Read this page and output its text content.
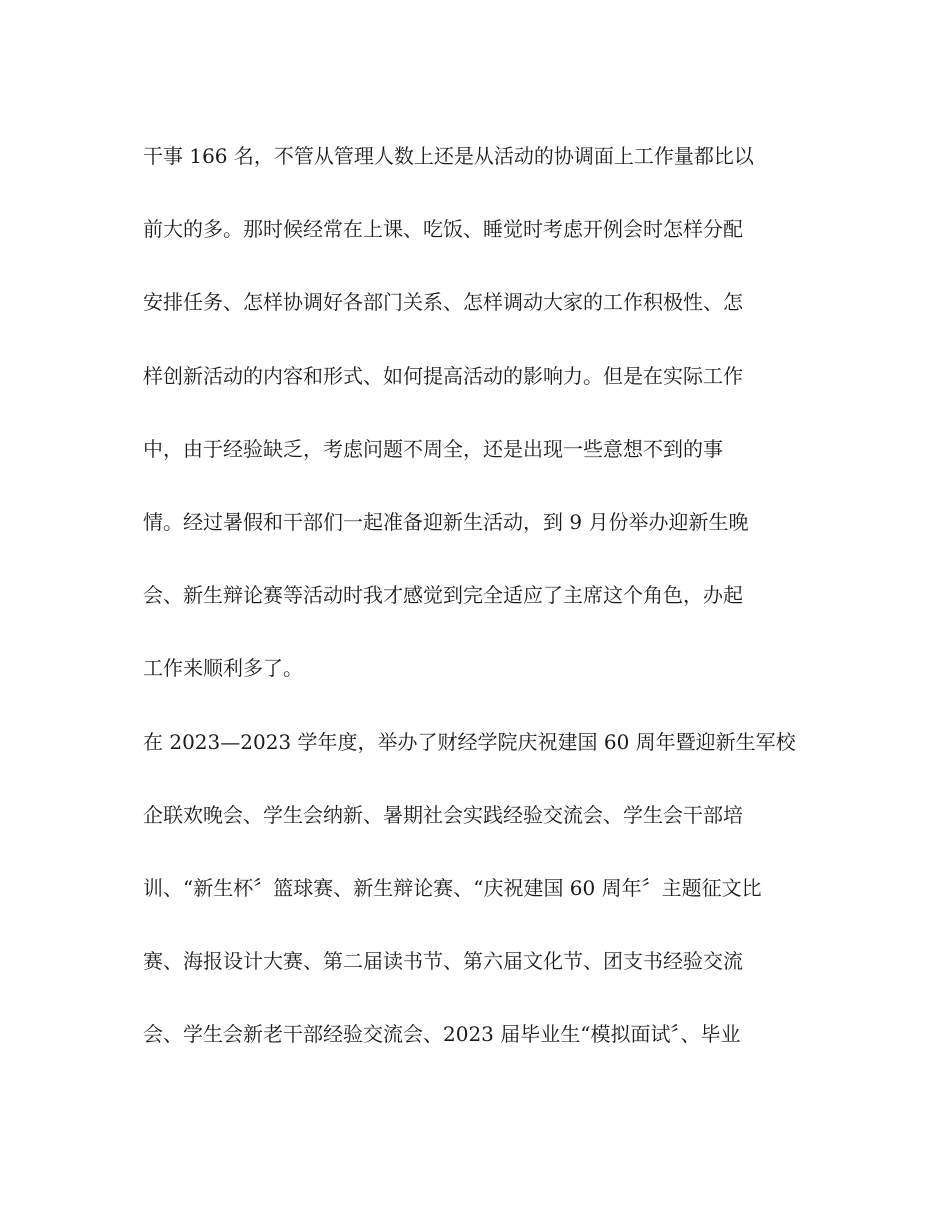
干事 166 名，不管从管理人数上还是从活动的协调面上工作量都比以
前大的多。那时候经常在上课、吃饭、睡觉时考虑开例会时怎样分配
安排任务、怎样协调好各部门关系、怎样调动大家的工作积极性、怎
样创新活动的内容和形式、如何提高活动的影响力。但是在实际工作
中，由于经验缺乏，考虑问题不周全，还是出现一些意想不到的事
情。经过暑假和干部们一起准备迎新生活动，到 9 月份举办迎新生晚
会、新生辩论赛等活动时我才感觉到完全适应了主席这个角色，办起
工作来顺利多了。
在 2023—2023 学年度，举办了财经学院庆祝建国 60 周年暨迎新生军校
企联欢晚会、学生会纳新、暑期社会实践经验交流会、学生会干部培
训、“新生杯〞篮球赛、新生辩论赛、“庆祝建国 60 周年〞主题征文比
赛、海报设计大赛、第二届读书节、第六届文化节、团支书经验交流
会、学生会新老干部经验交流会、2023 届毕业生“模拟面试〞、毕业
